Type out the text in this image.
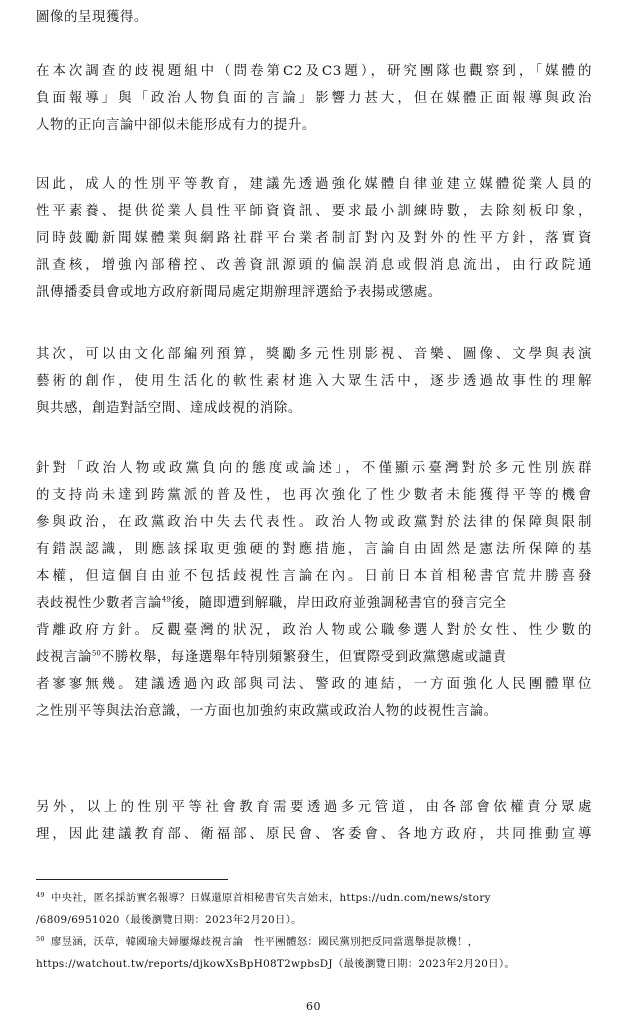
圖像的呈現獲得。
在本次調查的歧視題組中（問卷第C2及C3題），研究團隊也觀察到，「媒體的
負面報導」與「政治人物負面的言論」影響力甚大，但在媒體正面報導與政治
人物的正向言論中卻似未能形成有力的提升。
因此，成人的性別平等教育，建議先透過強化媒體自律並建立媒體從業人員的
性平素養、提供從業人員性平師資資訊、要求最小訓練時數，去除刻板印象，
同時鼓勵新聞媒體業與網路社群平台業者制訂對內及對外的性平方針，落實資
訊查核，增強內部稽控、改善資訊源頭的偏誤消息或假消息流出，由行政院通
訊傳播委員會或地方政府新聞局處定期辦理評選給予表揚或懲處。
其次，可以由文化部編列預算，獎勵多元性別影視、音樂、圖像、文學與表演
藝術的創作，使用生活化的軟性素材進入大眾生活中，逐步透過故事性的理解
與共感，創造對話空間、達成歧視的消除。
針對「政治人物或政黨負向的態度或論述」，不僅顯示臺灣對於多元性別族群
的支持尚未達到跨黨派的普及性，也再次強化了性少數者未能獲得平等的機會
參與政治，在政黨政治中失去代表性。政治人物或政黨對於法律的保障與限制
有錯誤認識，則應該採取更強硬的對應措施，言論自由固然是憲法所保障的基
本權，但這個自由並不包括歧視性言論在內。日前日本首相秘書官荒井勝喜發
表歧視性少數者言論$^{49}$後，隨即遭到解職，岸田政府並強調秘書官的發言完全
背離政府方針。反觀臺灣的狀況，政治人物或公職參選人對於女性、性少數的
歧視言論$^{50}$不勝枚舉，每逢選舉年特別頻繁發生，但實際受到政黨懲處或譴責
者寥寥無幾。建議透過內政部與司法、警政的連結，一方面強化人民團體單位
之性別平等與法治意識，一方面也加強約束政黨或政治人物的歧視性言論。
另外，以上的性別平等社會教育需要透過多元管道，由各部會依權責分眾處
理，因此建議教育部、衛福部、原民會、客委會、各地方政府，共同推動宣導
$^{49}$ 中央社，匿名採訪實名報導？日媒還原首相秘書官失言始末，https://udn.com/news/story
/6809/6951020（最後瀏覽日期：2023年2月20日）。
$^{50}$ 廖昱涵，沃草，韓國瑜夫婦屢爆歧視言論　性平團體怒：國民黨別把反同當選舉提款機！，
https://watchout.tw/reports/djkowXsBpH08T2wpbsDJ（最後瀏覽日期：2023年2月20日）。
60
